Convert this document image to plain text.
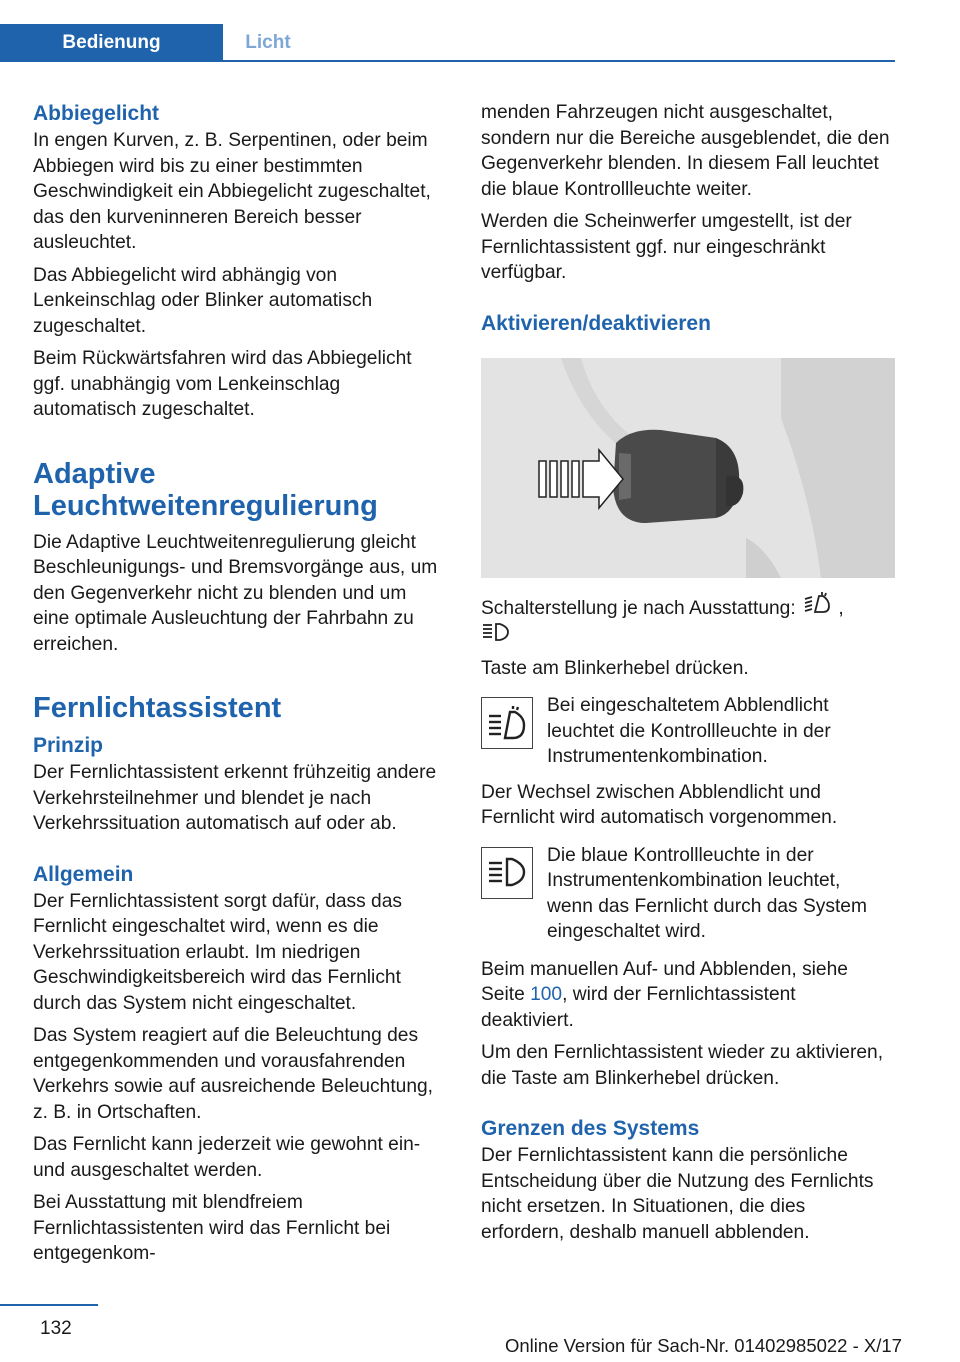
Bedienung	Licht
Abbiegelicht

In engen Kurven, z. B. Serpentinen, oder beim Abbiegen wird bis zu einer bestimmten Geschwindigkeit ein Abbiegelicht zugeschaltet, das den kurveninneren Bereich besser ausleuchtet.

Das Abbiegelicht wird abhängig von Lenkeinschlag oder Blinker automatisch zugeschaltet.

Beim Rückwärtsfahren wird das Abbiegelicht ggf. unabhängig vom Lenkeinschlag automatisch zugeschaltet.

Adaptive
Leuchtweitenregulierung

Die Adaptive Leuchtweitenregulierung gleicht Beschleunigungs- und Bremsvorgänge aus, um den Gegenverkehr nicht zu blenden und um eine optimale Ausleuchtung der Fahrbahn zu erreichen.

Fernlichtassistent
Prinzip

Der Fernlichtassistent erkennt frühzeitig andere Verkehrsteilnehmer und blendet je nach Verkehrssituation automatisch auf oder ab.

Allgemein

Der Fernlichtassistent sorgt dafür, dass das Fernlicht eingeschaltet wird, wenn es die Verkehrssituation erlaubt. Im niedrigen Geschwindigkeitsbereich wird das Fernlicht durch das System nicht eingeschaltet.

Das System reagiert auf die Beleuchtung des entgegenkommenden und vorausfahrenden Verkehrs sowie auf ausreichende Beleuchtung, z. B. in Ortschaften.

Das Fernlicht kann jederzeit wie gewohnt ein- und ausgeschaltet werden.

Bei Ausstattung mit blendfreiem Fernlichtassistenten wird das Fernlicht bei entgegenkom-

menden Fahrzeugen nicht ausgeschaltet, sondern nur die Bereiche ausgeblendet, die den Gegenverkehr blenden. In diesem Fall leuchtet die blaue Kontrollleuchte weiter.

Werden die Scheinwerfer umgestellt, ist der Fernlichtassistent ggf. nur eingeschränkt verfügbar.

Aktivieren/deaktivieren

Schalterstellung je nach Ausstattung: ,

Taste am Blinkerhebel drücken.

Bei eingeschaltetem Abblendlicht leuchtet die Kontrollleuchte in der Instrumentenkombination.

Der Wechsel zwischen Abblendlicht und Fernlicht wird automatisch vorgenommen.

Die blaue Kontrollleuchte in der Instrumentenkombination leuchtet, wenn das Fernlicht durch das System eingeschaltet wird.

Beim manuellen Auf- und Abblenden, siehe Seite 100, wird der Fernlichtassistent deaktiviert.

Um den Fernlichtassistent wieder zu aktivieren, die Taste am Blinkerhebel drücken.

Grenzen des Systems

Der Fernlichtassistent kann die persönliche Entscheidung über die Nutzung des Fernlichts nicht ersetzen. In Situationen, die dies erfordern, deshalb manuell abblenden.

132
Online Version für Sach-Nr. 01402985022 - X/17
